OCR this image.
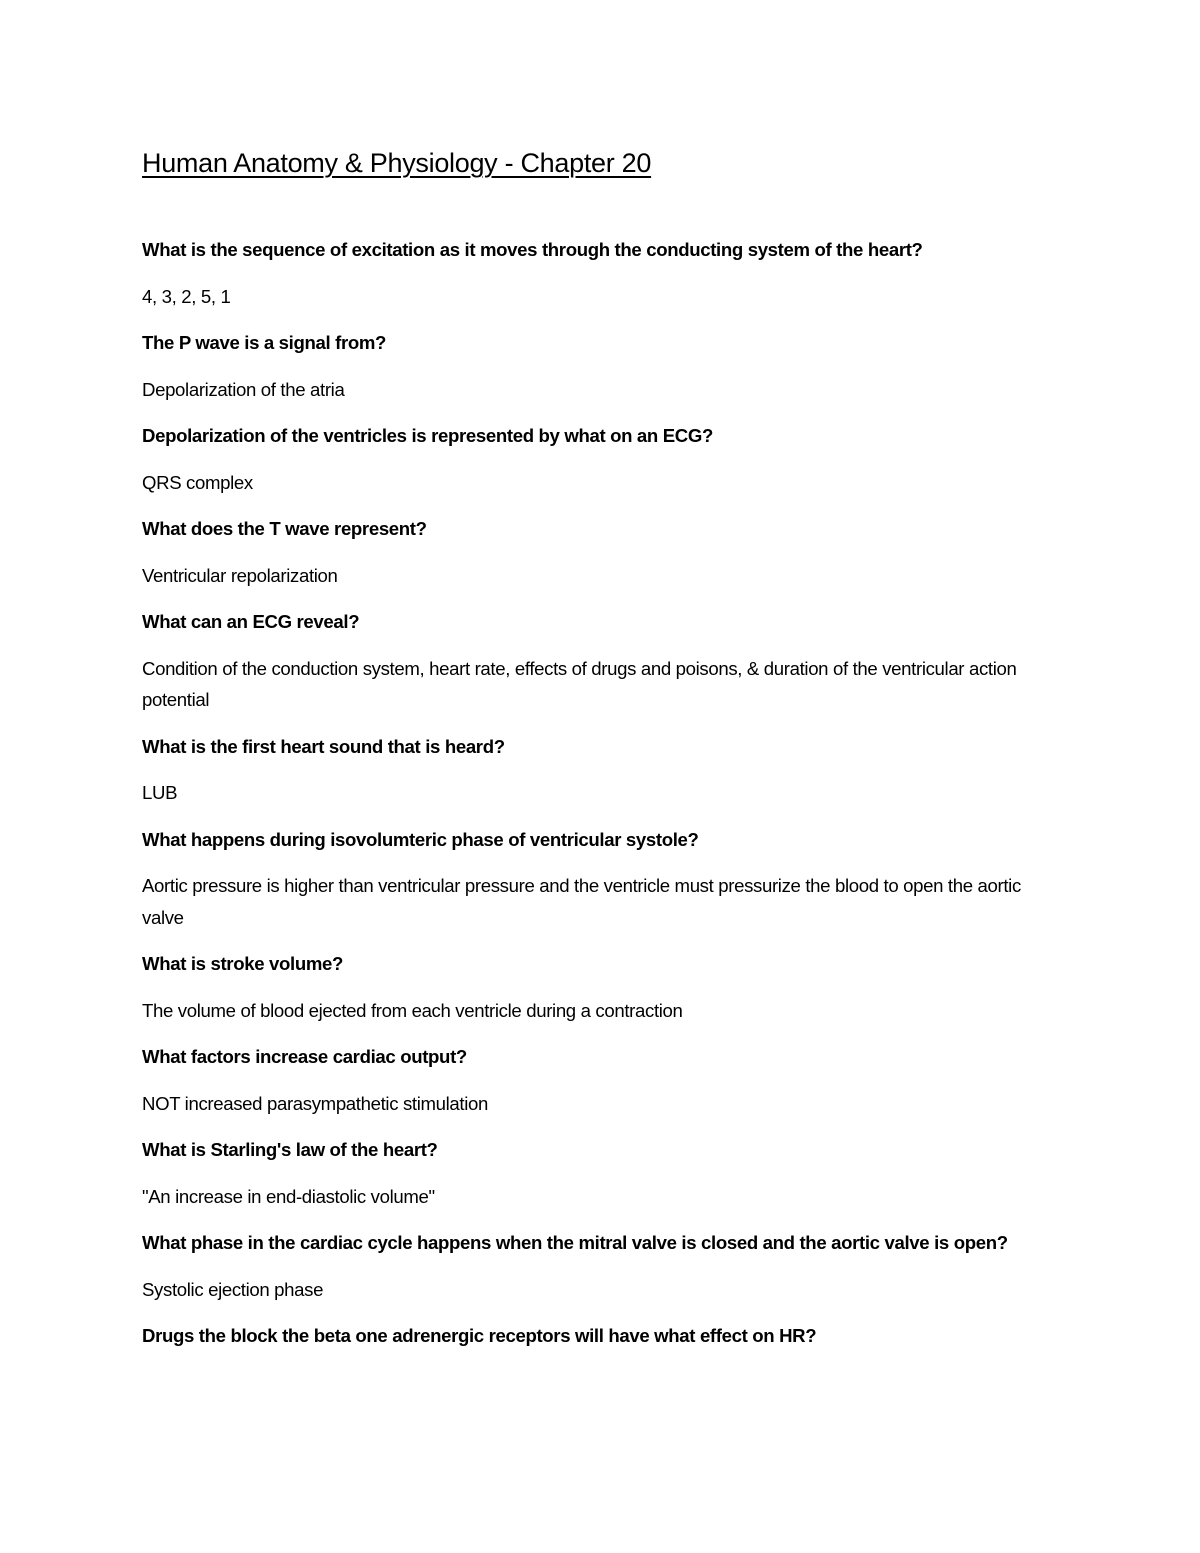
Human Anatomy & Physiology - Chapter 20

What is the sequence of excitation as it moves through the conducting system of the heart?

4, 3, 2, 5, 1

The P wave is a signal from?

Depolarization of the atria

Depolarization of the ventricles is represented by what on an ECG?

QRS complex

What does the T wave represent?

Ventricular repolarization

What can an ECG reveal?

Condition of the conduction system, heart rate, effects of drugs and poisons, & duration of the ventricular action potential

What is the first heart sound that is heard?

LUB

What happens during isovolumteric phase of ventricular systole?

Aortic pressure is higher than ventricular pressure and the ventricle must pressurize the blood to open the aortic valve

What is stroke volume?

The volume of blood ejected from each ventricle during a contraction

What factors increase cardiac output?

NOT increased parasympathetic stimulation

What is Starling's law of the heart?

"An increase in end-diastolic volume"

What phase in the cardiac cycle happens when the mitral valve is closed and the aortic valve is open?

Systolic ejection phase

Drugs the block the beta one adrenergic receptors will have what effect on HR?
